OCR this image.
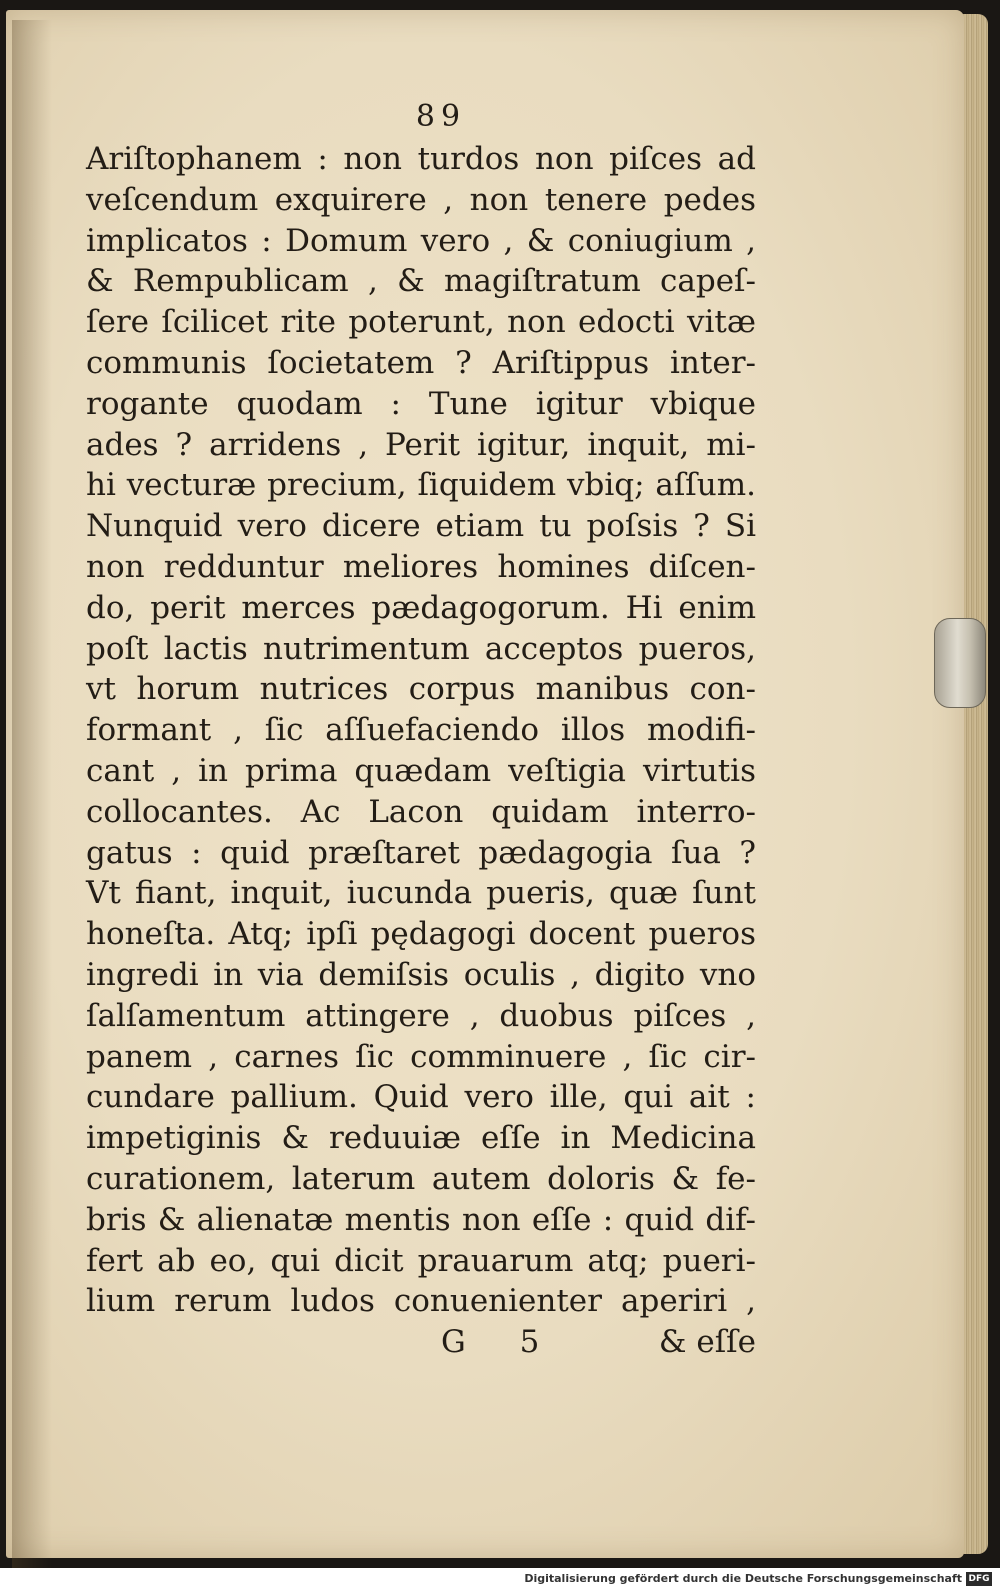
89
Ariſtophanem : non turdos non piſces ad
veſcendum exquirere , non tenere pedes
implicatos : Domum vero , & coniugium ,
& Rempublicam , & magiſtratum capeſ-
ſere ſcilicet rite poterunt, non edocti vitæ
communis ſocietatem ? Ariſtippus inter-
rogante quodam : Tune igitur vbique
ades ? arridens , Perit igitur, inquit, mi-
hi vecturæ precium, ſiquidem vbiq; aſſum.
Nunquid vero dicere etiam tu poſsis ? Si
non redduntur meliores homines diſcen-
do, perit merces pædagogorum. Hi enim
poſt lactis nutrimentum acceptos pueros,
vt horum nutrices corpus manibus con-
formant , ſic aſſuefaciendo illos modifi-
cant , in prima quædam veſtigia virtutis
collocantes. Ac Lacon quidam interro-
gatus : quid præſtaret pædagogia ſua ?
Vt fiant, inquit, iucunda pueris, quæ ſunt
honeſta. Atq; ipſi pędagogi docent pueros
ingredi in via demiſsis oculis , digito vno
ſalſamentum attingere , duobus piſces ,
panem , carnes ſic comminuere , ſic cir-
cundare pallium. Quid vero ille, qui ait :
impetiginis & reduuiæ eſſe in Medicina
curationem, laterum autem doloris & fe-
bris & alienatæ mentis non eſſe : quid dif-
fert ab eo, qui dicit prauarum atq; pueri-
lium rerum ludos conuenienter aperiri ,
G 5	& eſſe
Digitalisierung gefördert durch die Deutsche Forschungsgemeinschaft DFG
